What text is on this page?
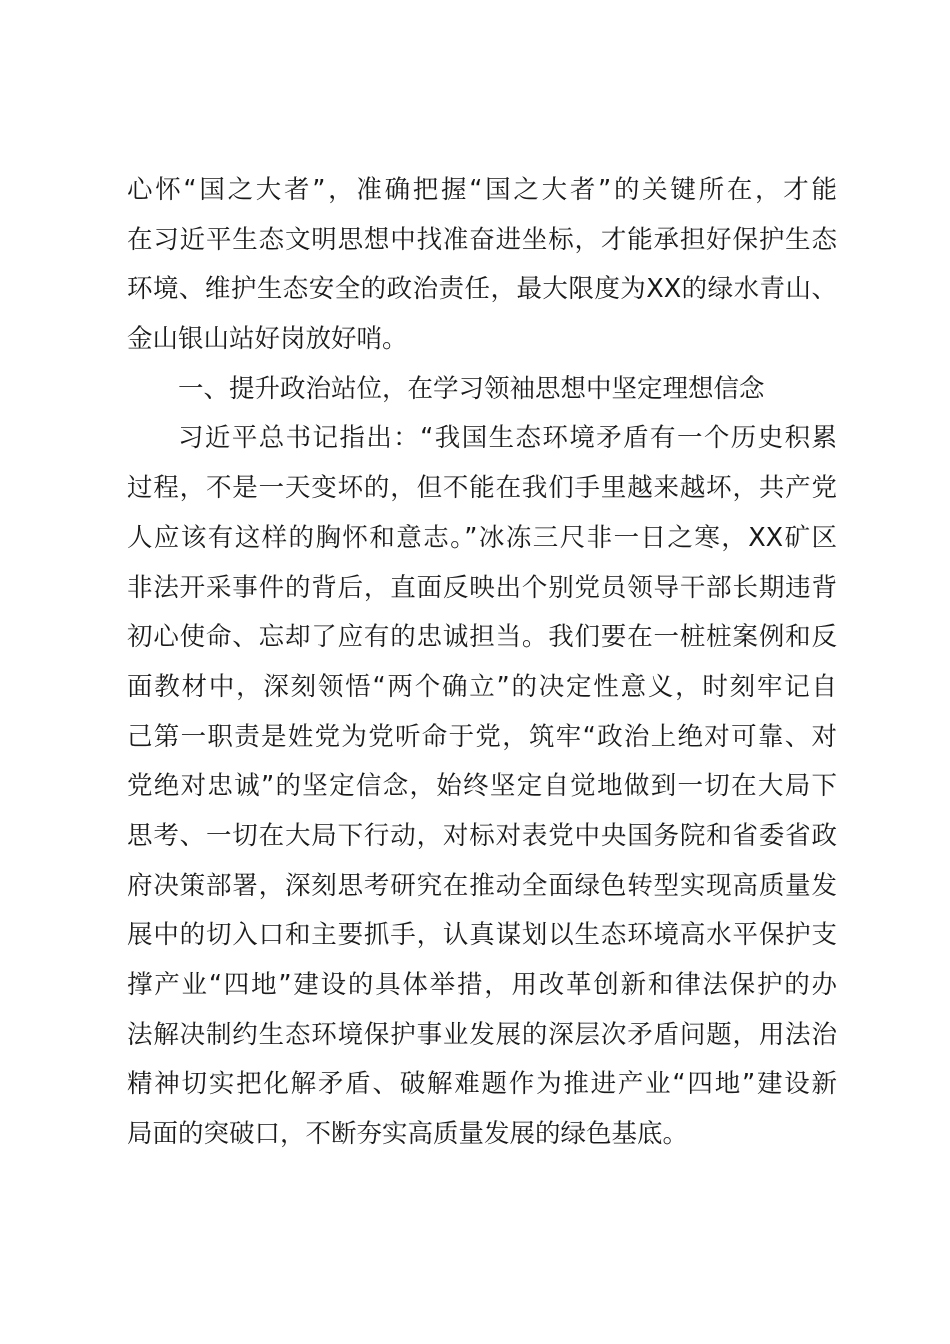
心怀“国之大者”，准确把握“国之大者”的关键所在，才能
在习近平生态文明思想中找准奋进坐标，才能承担好保护生态
环境、维护生态安全的政治责任，最大限度为XX的绿水青山、
金山银山站好岗放好哨。
一、提升政治站位，在学习领袖思想中坚定理想信念
习近平总书记指出：“我国生态环境矛盾有一个历史积累
过程，不是一天变坏的，但不能在我们手里越来越坏，共产党
人应该有这样的胸怀和意志。”冰冻三尺非一日之寒，XX矿区
非法开采事件的背后，直面反映出个别党员领导干部长期违背
初心使命、忘却了应有的忠诚担当。我们要在一桩桩案例和反
面教材中，深刻领悟“两个确立”的决定性意义，时刻牢记自
己第一职责是姓党为党听命于党，筑牢“政治上绝对可靠、对
党绝对忠诚”的坚定信念，始终坚定自觉地做到一切在大局下
思考、一切在大局下行动，对标对表党中央国务院和省委省政
府决策部署，深刻思考研究在推动全面绿色转型实现高质量发
展中的切入口和主要抓手，认真谋划以生态环境高水平保护支
撑产业“四地”建设的具体举措，用改革创新和律法保护的办
法解决制约生态环境保护事业发展的深层次矛盾问题，用法治
精神切实把化解矛盾、破解难题作为推进产业“四地”建设新
局面的突破口，不断夯实高质量发展的绿色基底。
